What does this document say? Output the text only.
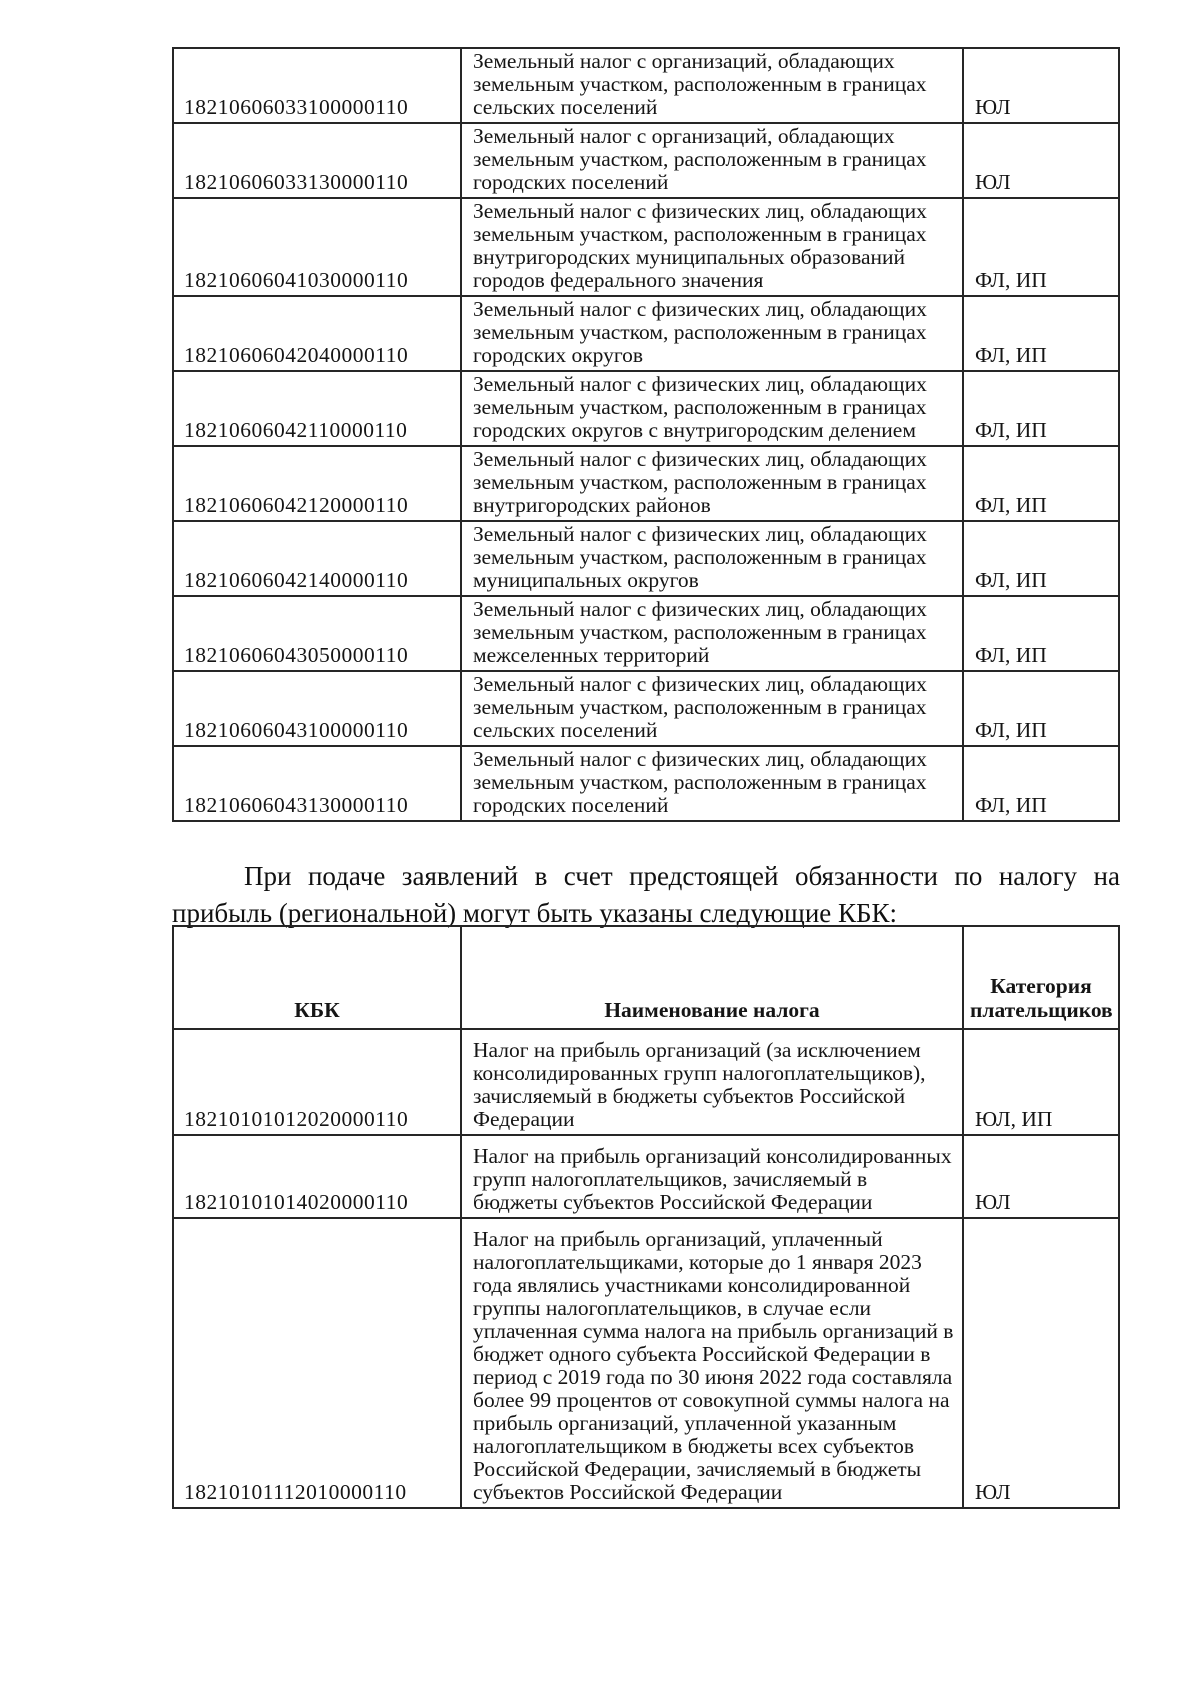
18210606033100000110	Земельный налог с организаций, обладающих земельным участком, расположенным в границах сельских поселений	ЮЛ
18210606033130000110	Земельный налог с организаций, обладающих земельным участком, расположенным в границах городских поселений	ЮЛ
18210606041030000110	Земельный налог с физических лиц, обладающих земельным участком, расположенным в границах внутригородских муниципальных образований городов федерального значения	ФЛ, ИП
18210606042040000110	Земельный налог с физических лиц, обладающих земельным участком, расположенным в границах городских округов	ФЛ, ИП
18210606042110000110	Земельный налог с физических лиц, обладающих земельным участком, расположенным в границах городских округов с внутригородским делением	ФЛ, ИП
18210606042120000110	Земельный налог с физических лиц, обладающих земельным участком, расположенным в границах внутригородских районов	ФЛ, ИП
18210606042140000110	Земельный налог с физических лиц, обладающих земельным участком, расположенным в границах муниципальных округов	ФЛ, ИП
18210606043050000110	Земельный налог с физических лиц, обладающих земельным участком, расположенным в границах межселенных территорий	ФЛ, ИП
18210606043100000110	Земельный налог с физических лиц, обладающих земельным участком, расположенным в границах сельских поселений	ФЛ, ИП
18210606043130000110	Земельный налог с физических лиц, обладающих земельным участком, расположенным в границах городских поселений	ФЛ, ИП

При подаче заявлений в счет предстоящей обязанности по налогу на прибыль (региональной) могут быть указаны следующие КБК:

КБК	Наименование налога	Категория плательщиков
18210101012020000110	Налог на прибыль организаций (за исключением консолидированных групп налогоплательщиков), зачисляемый в бюджеты субъектов Российской Федерации	ЮЛ, ИП
18210101014020000110	Налог на прибыль организаций консолидированных групп налогоплательщиков, зачисляемый в бюджеты субъектов Российской Федерации	ЮЛ
18210101112010000110	Налог на прибыль организаций, уплаченный налогоплательщиками, которые до 1 января 2023 года являлись участниками консолидированной группы налогоплательщиков, в случае если уплаченная сумма налога на прибыль организаций в бюджет одного субъекта Российской Федерации в период с 2019 года по 30 июня 2022 года составляла более 99 процентов от совокупной суммы налога на прибыль организаций, уплаченной указанным налогоплательщиком в бюджеты всех субъектов Российской Федерации, зачисляемый в бюджеты субъектов Российской Федерации	ЮЛ
